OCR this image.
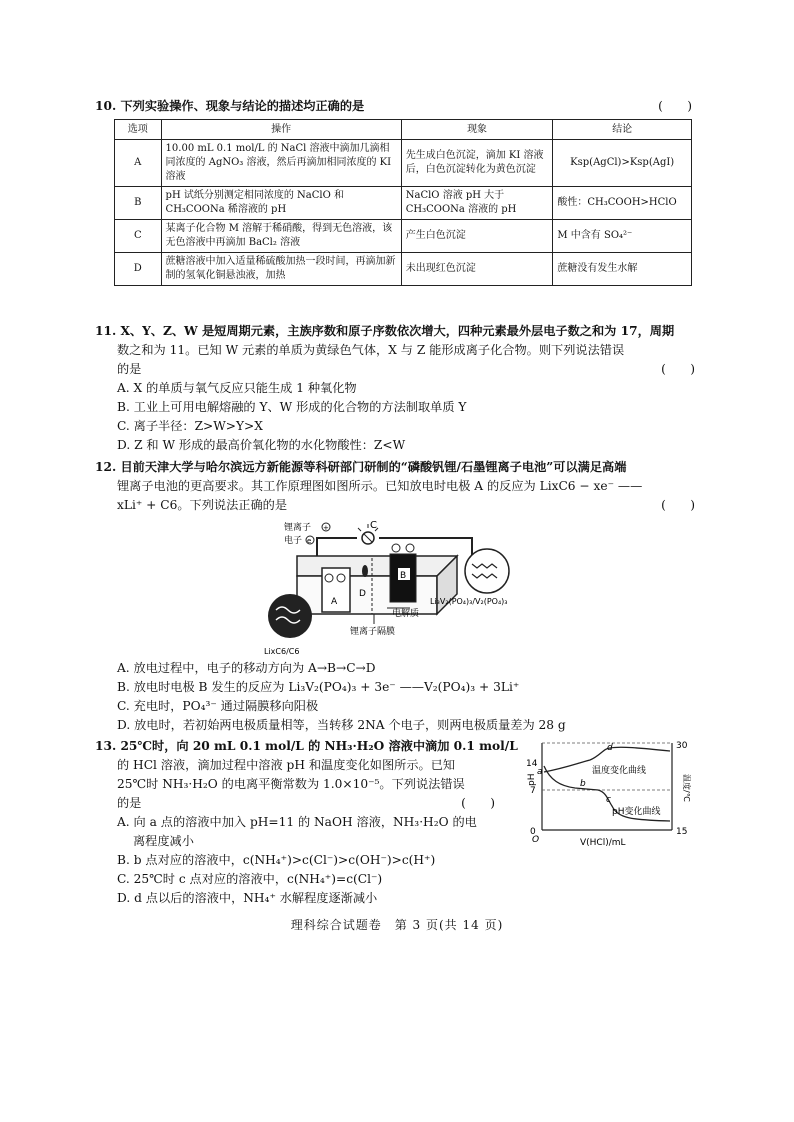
10. 下列实验操作、现象与结论的描述均正确的是	(　　)
选项	操作	现象	结论
A	10.00 mL 0.1 mol/L 的 NaCl 溶液中滴加几滴相同浓度的 AgNO₃ 溶液，然后再滴加相同浓度的 KI 溶液	先生成白色沉淀，滴加 KI 溶液后，白色沉淀转化为黄色沉淀	Ksp(AgCl)>Ksp(AgI)
B	pH 试纸分别测定相同浓度的 NaClO 和 CH₃COONa 稀溶液的 pH	NaClO 溶液 pH 大于 CH₃COONa 溶液的 pH	酸性：CH₃COOH>HClO
C	某离子化合物 M 溶解于稀硝酸，得到无色溶液，该无色溶液中再滴加 BaCl₂ 溶液	产生白色沉淀	M 中含有 SO₄²⁻
D	蔗糖溶液中加入适量稀硫酸加热一段时间，再滴加新制的氢氧化铜悬浊液，加热	未出现红色沉淀	蔗糖没有发生水解
11. X、Y、Z、W 是短周期元素，主族序数和原子序数依次增大，四种元素最外层电子数之和为 17，周期
数之和为 11。已知 W 元素的单质为黄绿色气体，X 与 Z 能形成离子化合物。则下列说法错误
的是	(　　)
A. X 的单质与氧气反应只能生成 1 种氧化物
B. 工业上可用电解熔融的 Y、W 形成的化合物的方法制取单质 Y
C. 离子半径：Z>W>Y>X
D. Z 和 W 形成的最高价氧化物的水化物酸性：Z<W
12. 目前天津大学与哈尔滨远方新能源等科研部门研制的“磷酸钒锂/石墨锂离子电池”可以满足高端
锂离子电池的更高要求。其工作原理图如图所示。已知放电时电极 A 的反应为 LixC6 − xe⁻ ——
xLi⁺ + C6。下列说法正确的是	(　　)
C
锂离子 +
电子 e
A
B
D
电解质
锂离子隔膜
LixC6/C6
Li₃V₂(PO₄)₃/V₂(PO₄)₃
A. 放电过程中，电子的移动方向为 A→B→C→D
B. 放电时电极 B 发生的反应为 Li₃V₂(PO₄)₃ + 3e⁻ ——V₂(PO₄)₃ + 3Li⁺
C. 充电时，PO₄³⁻ 通过隔膜移向阳极
D. 放电时，若初始两电极质量相等，当转移 2NA 个电子，则两电极质量差为 28 g
13. 25℃时，向 20 mL 0.1 mol/L 的 NH₃·H₂O 溶液中滴加 0.1 mol/L
的 HCl 溶液，滴加过程中溶液 pH 和温度变化如图所示。已知
25℃时 NH₃·H₂O 的电离平衡常数为 1.0×10⁻⁵。下列说法错误
的是	(　　)
A. 向 a 点的溶液中加入 pH=11 的 NaOH 溶液，NH₃·H₂O 的电
离程度减小
B. b 点对应的溶液中，c(NH₄⁺)>c(Cl⁻)>c(OH⁻)>c(H⁺)
C. 25℃时 c 点对应的溶液中，c(NH₄⁺)=c(Cl⁻)
D. d 点以后的溶液中，NH₄⁺ 水解程度逐渐减小
14
7
0
30
15
pH	温度/℃
V(HCl)/mL
a
b
c
d
温度变化曲线
pH变化曲线
O
理科综合试题卷　第 3 页(共 14 页)
